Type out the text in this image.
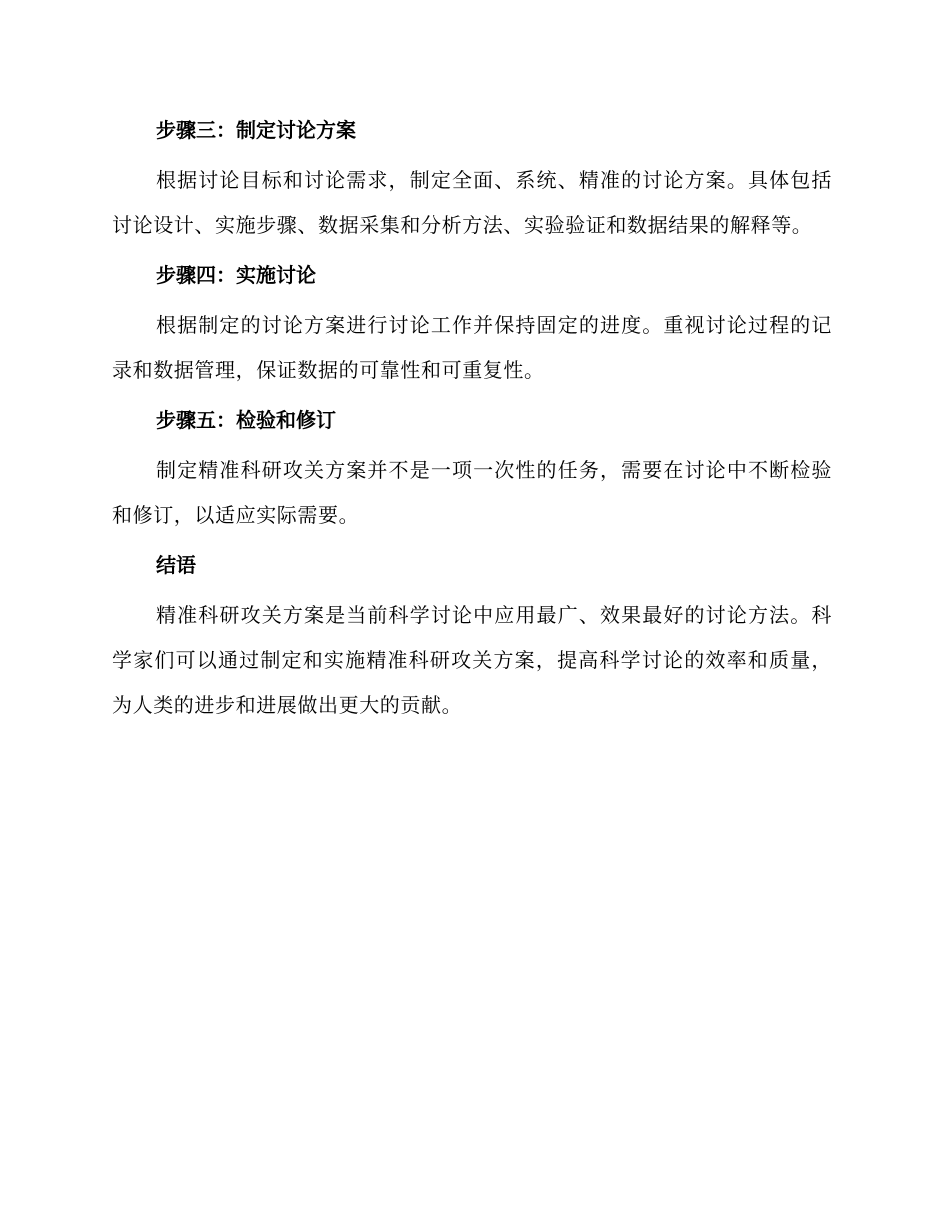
步骤三：制定讨论方案

根据讨论目标和讨论需求，制定全面、系统、精准的讨论方案。具体包括讨论设计、实施步骤、数据采集和分析方法、实验验证和数据结果的解释等。

步骤四：实施讨论

根据制定的讨论方案进行讨论工作并保持固定的进度。重视讨论过程的记录和数据管理，保证数据的可靠性和可重复性。

步骤五：检验和修订

制定精准科研攻关方案并不是一项一次性的任务，需要在讨论中不断检验和修订，以适应实际需要。

结语

精准科研攻关方案是当前科学讨论中应用最广、效果最好的讨论方法。科学家们可以通过制定和实施精准科研攻关方案，提高科学讨论的效率和质量，为人类的进步和进展做出更大的贡献。
